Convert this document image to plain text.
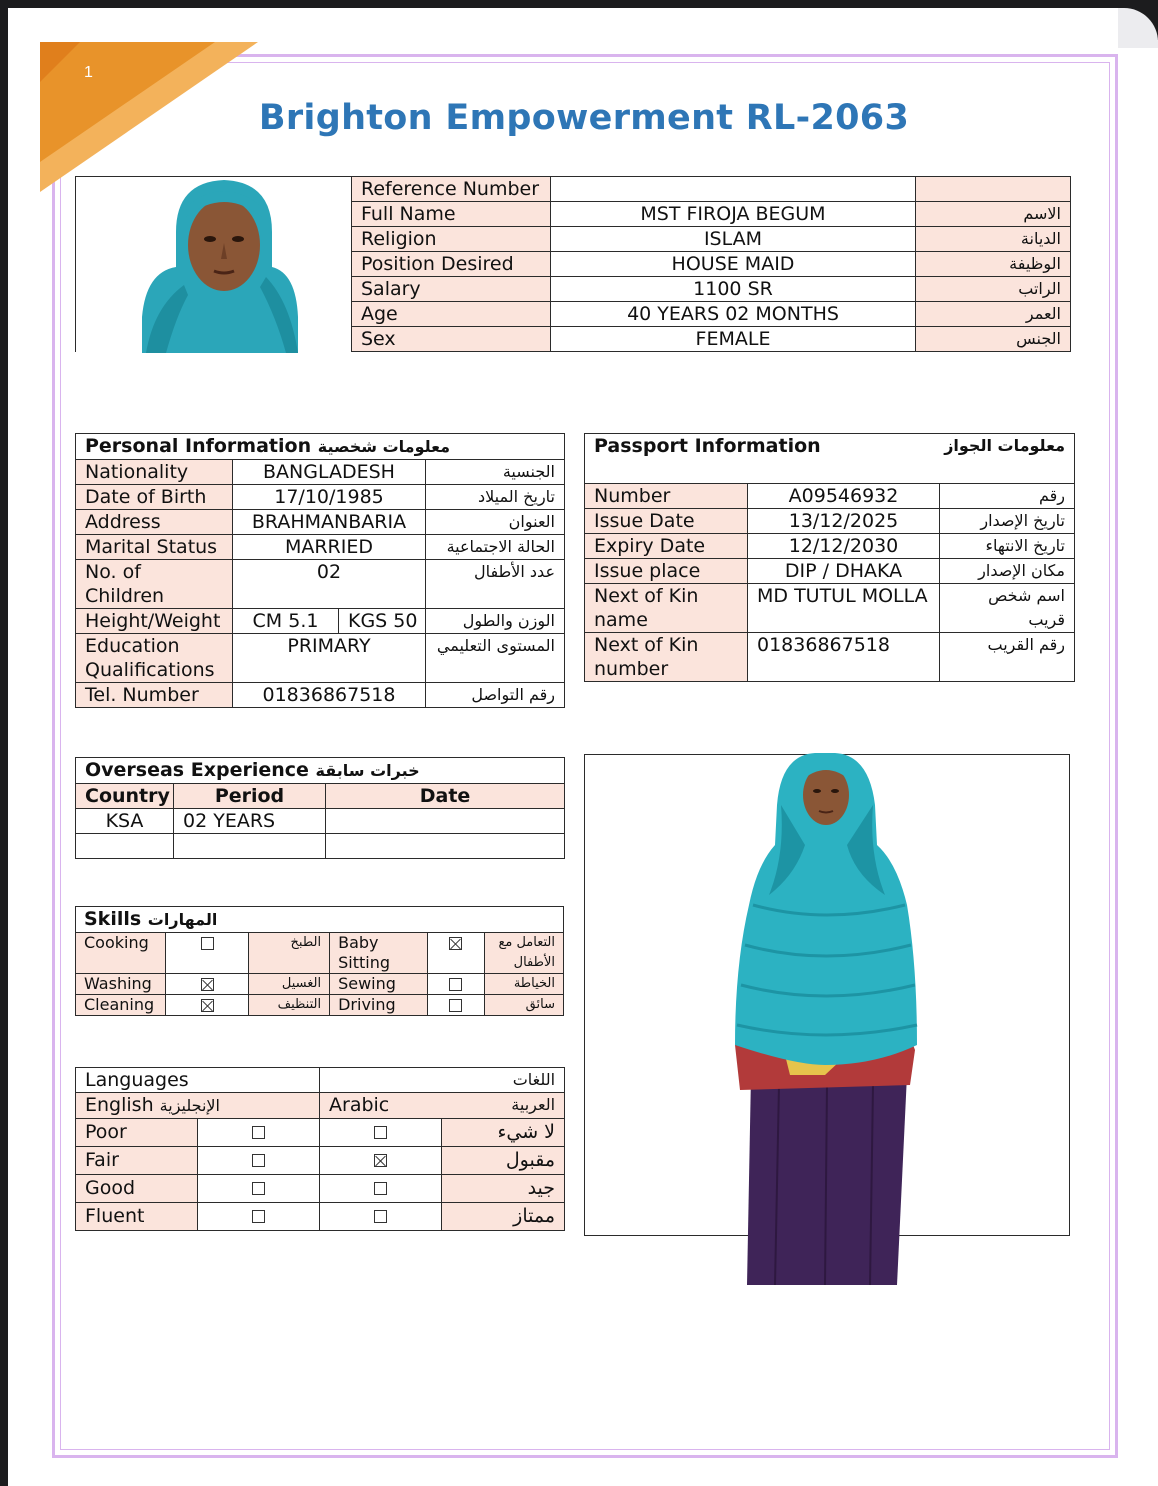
1
Brighton Empowerment RL-2063
Reference Number		
Full Name	MST FIROJA BEGUM	الاسم
Religion	ISLAM	الديانة
Position Desired	HOUSE MAID	الوظيفة
Salary	1100 SR	الراتب
Age	40 YEARS 02 MONTHS	العمر
Sex	FEMALE	الجنس
Personal Information معلومات شخصية			
Nationality	BANGLADESH		الجنسية
Date of Birth	17/10/1985		تاريخ الميلاد
Address	BRAHMANBARIA		العنوان
Marital Status	MARRIED		الحالة الاجتماعية
No. of Children	02		عدد الأطفال
Height/Weight	CM 5.1	KGS 50	الوزن والطول
Education Qualifications	PRIMARY		المستوى التعليمي
Tel. Number	01836867518		رقم التواصل
Passport Information معلومات الجواز		

Number	A09546932	رقم
Issue Date	13/12/2025	تاريخ الإصدار
Expiry Date	12/12/2030	تاريخ الانتهاء
Issue place	DIP / DHAKA	مكان الإصدار
Next of Kin name	MD TUTUL MOLLA	اسم شخص قريب
Next of Kin number	01836867518	رقم القريب
Overseas Experience خبرات سابقة		
Country	Period	Date
KSA	02 YEARS	

Skills المهارات					
Cooking		الطبخ	Baby Sitting		التعامل مع الأطفال
Washing		الغسيل	Sewing		الخياطة
Cleaning		التنظيف	Driving		سائق
Languages		اللغات	
English الإنجليزية		Arabic العربية	

Poor			لا شيء
Fair			مقبول
Good			جيد
Fluent			ممتاز
